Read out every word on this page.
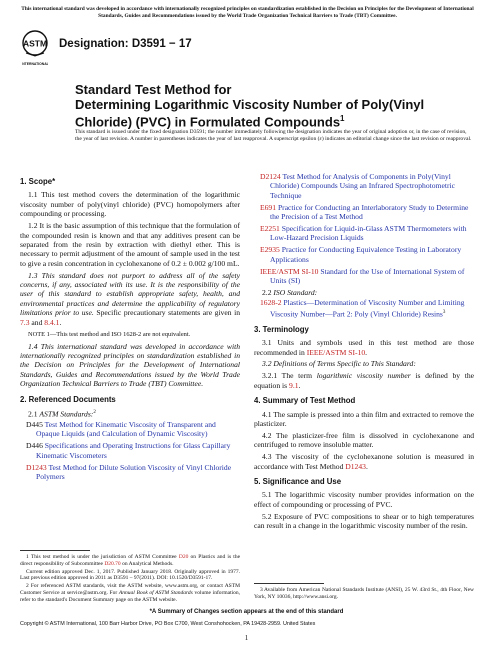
This international standard was developed in accordance with internationally recognized principles on standardization established in the Decision on Principles for the Development of International Standards, Guides and Recommendations issued by the World Trade Organization Technical Barriers to Trade (TBT) Committee.
ASTM
INTERNATIONAL
Designation: D3591 − 17

Standard Test Method for

Determining Logarithmic Viscosity Number of Poly(Vinyl

Chloride) (PVC) in Formulated Compounds$^1$

This standard is issued under the fixed designation D3591; the number immediately following the designation indicates the year of original adoption or, in the case of revision, the year of last revision. A number in parentheses indicates the year of last reapproval. A superscript epsilon (ε) indicates an editorial change since the last revision or reapproval.

1. Scope*

1.1 This test method covers the determination of the logarithmic viscosity number of poly(vinyl chloride) (PVC) homopolymers after compounding or processing.

1.2 It is the basic assumption of this technique that the formulation of the compounded resin is known and that any additives present can be separated from the resin by extraction with diethyl ether. This is necessary to permit adjustment of the amount of sample used in the test to give a resin concentration in cyclohexanone of 0.2 ± 0.002 g/100 mL.

1.3 This standard does not purport to address all of the safety concerns, if any, associated with its use. It is the responsibility of the user of this standard to establish appropriate safety, health, and environmental practices and determine the applicability of regulatory limitations prior to use. Specific precautionary statements are given in 7.3 and 8.4.1.

NOTE 1—This test method and ISO 1628-2 are not equivalent.

1.4 This international standard was developed in accordance with internationally recognized principles on standardization established in the Decision on Principles for the Development of International Standards, Guides and Recommendations issued by the World Trade Organization Technical Barriers to Trade (TBT) Committee.

2. Referenced Documents

2.1 ASTM Standards:$^2$

D445 Test Method for Kinematic Viscosity of Transparent and Opaque Liquids (and Calculation of Dynamic Viscosity)

D446 Specifications and Operating Instructions for Glass Capillary Kinematic Viscometers

D1243 Test Method for Dilute Solution Viscosity of Vinyl Chloride Polymers

1 This test method is under the jurisdiction of ASTM Committee D20 on Plastics and is the direct responsibility of Subcommittee D20.70 on Analytical Methods.

Current edition approved Dec. 1, 2017. Published January 2018. Originally approved in 1977. Last previous edition approved in 2011 as D3591 – 97(2011). DOI: 10.1520/D3591-17.

2 For referenced ASTM standards, visit the ASTM website, www.astm.org, or contact ASTM Customer Service at service@astm.org. For Annual Book of ASTM Standards volume information, refer to the standard's Document Summary page on the ASTM website.

D2124 Test Method for Analysis of Components in Poly(Vinyl Chloride) Compounds Using an Infrared Spectrophotometric Technique

E691 Practice for Conducting an Interlaboratory Study to Determine the Precision of a Test Method

E2251 Specification for Liquid-in-Glass ASTM Thermometers with Low-Hazard Precision Liquids

E2935 Practice for Conducting Equivalence Testing in Laboratory Applications

IEEE/ASTM SI-10 Standard for the Use of International System of Units (SI)

2.2 ISO Standard:

1628-2 Plastics—Determination of Viscosity Number and Limiting Viscosity Number—Part 2: Poly (Vinyl Chloride) Resins$^3$

3. Terminology

3.1 Units and symbols used in this test method are those recommended in IEEE/ASTM SI-10.

3.2 Definitions of Terms Specific to This Standard:

3.2.1 The term logarithmic viscosity number is defined by the equation is 9.1.

4. Summary of Test Method

4.1 The sample is pressed into a thin film and extracted to remove the plasticizer.

4.2 The plasticizer-free film is dissolved in cyclohexanone and centrifuged to remove insoluble matter.

4.3 The viscosity of the cyclohexanone solution is measured in accordance with Test Method D1243.

5. Significance and Use

5.1 The logarithmic viscosity number provides information on the effect of compounding or processing of PVC.

5.2 Exposure of PVC compositions to shear or to high temperatures can result in a change in the logarithmic viscosity number of the resin.

3 Available from American National Standards Institute (ANSI), 25 W. 43rd St., 4th Floor, New York, NY 10036, http://www.ansi.org.

*A Summary of Changes section appears at the end of this standard
Copyright © ASTM International, 100 Barr Harbor Drive, PO Box C700, West Conshohocken, PA 19428-2959. United States
1
